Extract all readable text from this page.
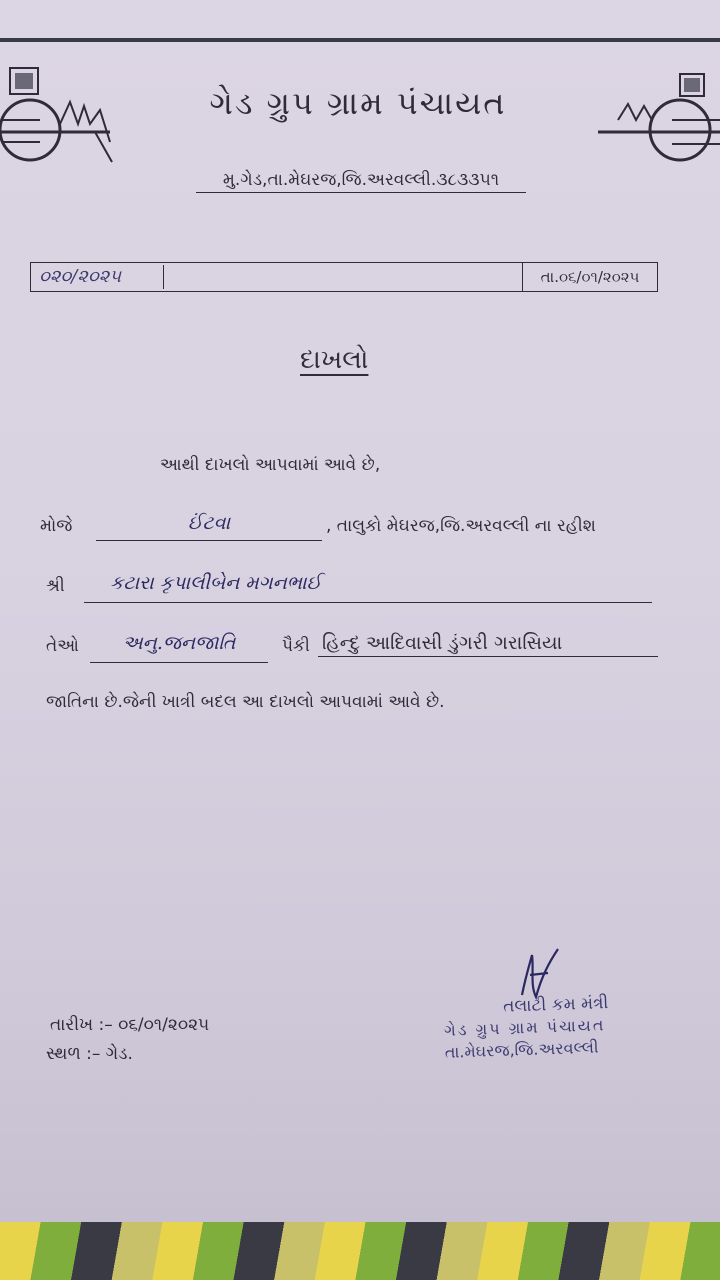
ગેડ ગ્રુપ ગ્રામ પંચાયત
મુ.ગેડ,તા.મેઘરજ,જિ.અરવલ્લી.૩૮૩૩૫૧
૦૨૦/૨૦૨૫	તા.૦૬/૦૧/૨૦૨૫
દાખલો
આથી દાખલો આપવામાં આવે છે,
મોજે	ઈંટવા	, તાલુકો મેઘરજ,જિ.અરવલ્લી ના રહીશ
શ્રી કટારા કૃપાલીબેન મગનભાઈ
તેઓ	અનુ.જનજાતિ	પૈકી હિન્દુ આદિવાસી ડુંગરી ગરાસિયા
જાતિના છે.જેની ખાત્રી બદલ આ દાખલો આપવામાં આવે છે.
તારીખ :– ૦૬/૦૧/૨૦૨૫
સ્થળ :– ગેડ.
તલાટી કમ મંત્રી
ગેડ ગ્રુપ ગ્રામ પંચાયત
તા.મેઘરજ,જિ.અરવલ્લી
